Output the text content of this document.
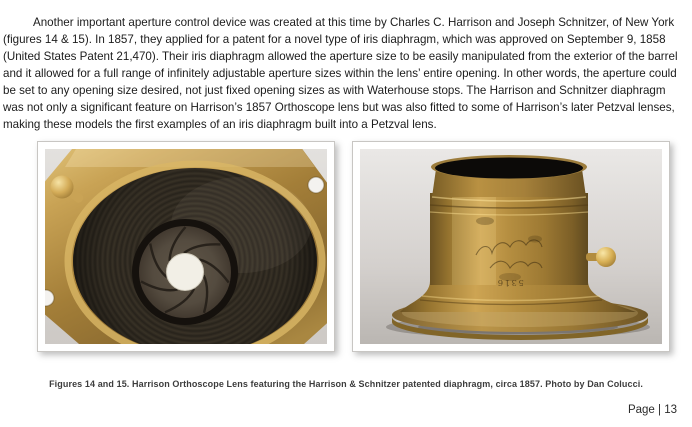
Another important aperture control device was created at this time by Charles C. Harrison and Joseph Schnitzer, of New York (figures 14 & 15). In 1857, they applied for a patent for a novel type of iris diaphragm, which was approved on September 9, 1858 (United States Patent 21,470). Their iris diaphragm allowed the aperture size to be easily manipulated from the exterior of the barrel and it allowed for a full range of infinitely adjustable aperture sizes within the lens’ entire opening. In other words, the aperture could be set to any opening size desired, not just fixed opening sizes as with Waterhouse stops. The Harrison and Schnitzer diaphragm was not only a significant feature on Harrison’s 1857 Orthoscope lens but was also fitted to some of Harrison’s later Petzval lenses, making these models the first examples of an iris diaphragm built into a Petzval lens.

5316
Figures 14 and 15. Harrison Orthoscope Lens featuring the Harrison & Schnitzer patented diaphragm, circa 1857. Photo by Dan Colucci.
Page | 13
